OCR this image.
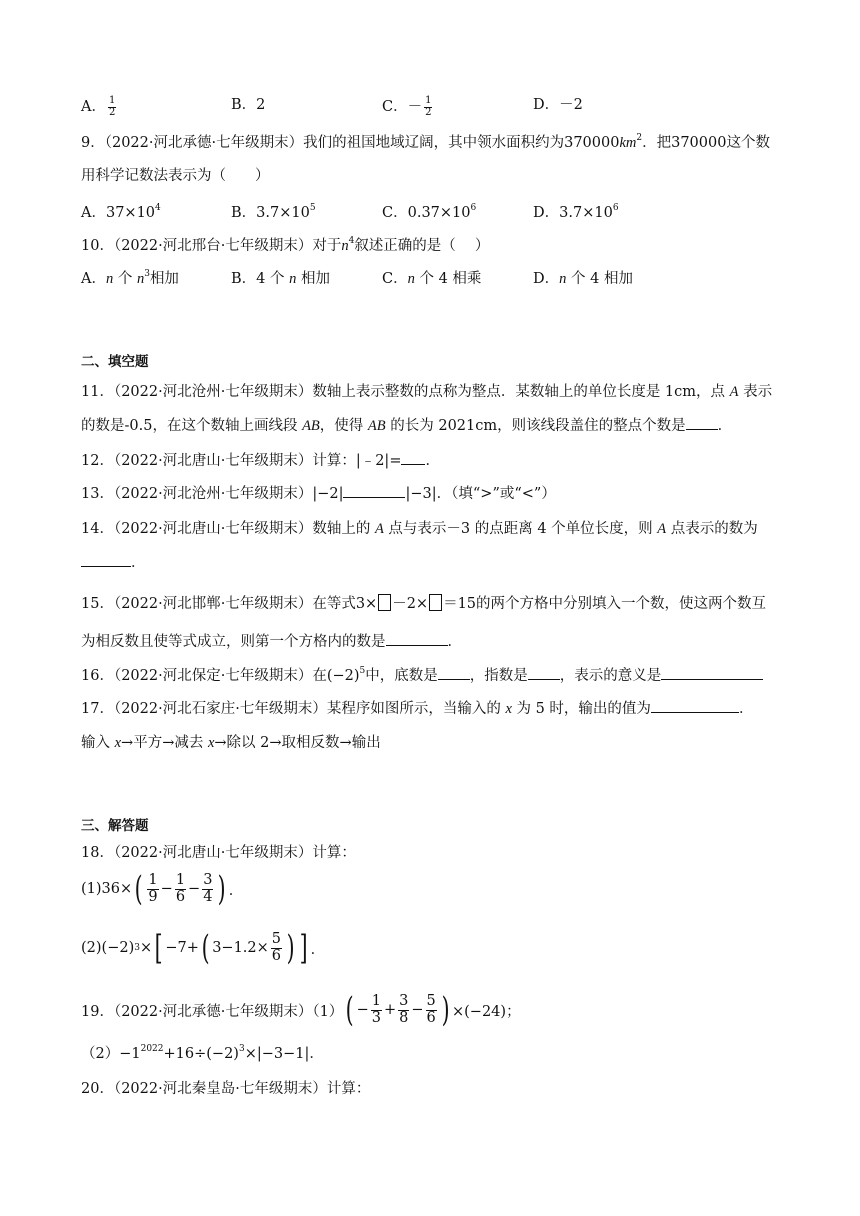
A． $\frac{1}{2}$	B．2	C．－ $\frac{1}{2}$	D．－2
9．（2022·河北承德·七年级期末）我们的祖国地域辽阔，其中领水面积约为$370000km^2$．把370000这个数
用科学记数法表示为（　　）
A．$37\times 10^4$	B．$3.7\times 10^5$	C．$0.37\times 10^6$	D．$3.7\times 10^6$
10．（2022·河北邢台·七年级期末）对于$n^4$叙述正确的是（　 ）
A．n 个 $n^3$相加	B．4 个 n 相加	C．n 个 4 相乘	D．n 个 4 相加
二、填空题
11．（2022·河北沧州·七年级期末）数轴上表示整数的点称为整点．某数轴上的单位长度是 1cm，点 A 表示
的数是-0.5，在这个数轴上画线段 AB，使得 AB 的长为 2021cm，则该线段盖住的整点个数是 ．
12．（2022·河北唐山·七年级期末）计算：|﹣2|= ．
13．（2022·河北沧州·七年级期末）|−2|	|−3|．（填“>”或“<”）
14．（2022·河北唐山·七年级期末）数轴上的 A 点与表示－3 的点距离 4 个单位长度，则 A 点表示的数为
．
15．（2022·河北邯郸·七年级期末）在等式3× －2× ＝15的两个方格中分别填入一个数，使这两个数互
为相反数且使等式成立，则第一个方格内的数是	．
16．（2022·河北保定·七年级期末）在$(-2)^5$中，底数是 ，指数是 ，表示的意义是
17．（2022·河北石家庄·七年级期末）某程序如图所示，当输入的 x 为 5 时，输出的值为	．
输入 x→平方→减去 x→除以 2→取相反数→输出
三、解答题
18．（2022·河北唐山·七年级期末）计算：
(1) 36× ( $\frac{1}{9} - \frac{1}{6} - \frac{3}{4}$ ) ．
(2) (−2) 3 × [ −7+ ( $3-1.2\times \frac{5}{6}$ ) ] ．
19．（2022·河北承德·七年级期末）（1） ( − $\frac{1}{3} + \frac{3}{8} - \frac{5}{6}$ ) ×(−24)；
$(2)-1^{2022}+16\div(-2)^3\times|-3-1|$．
20．（2022·河北秦皇岛·七年级期末）计算：
